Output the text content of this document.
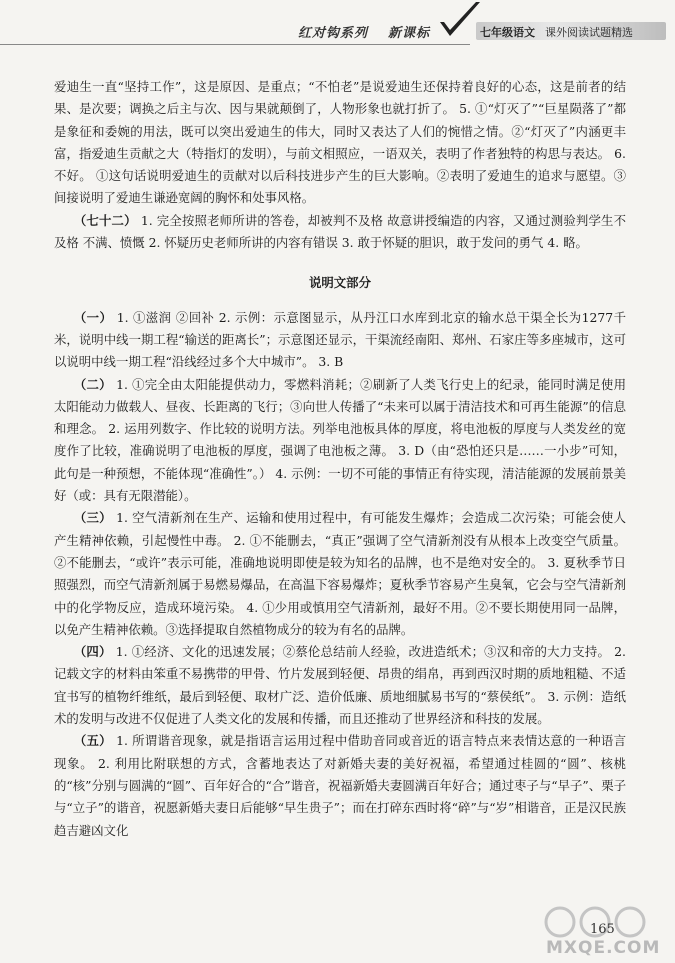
红对钩系列 新课标	七年级语文 课外阅读试题精选

爱迪生一直“坚持工作”，这是原因、是重点；“不怕老”是说爱迪生还保持着良好的心态，这是前者的结果、是次要；调换之后主与次、因与果就颠倒了，人物形象也就打折了。 5. ①“灯灭了”“巨星陨落了”都是象征和委婉的用法，既可以突出爱迪生的伟大，同时又表达了人们的惋惜之情。②“灯灭了”内涵更丰富，指爱迪生贡献之大（特指灯的发明），与前文相照应，一语双关，表明了作者独特的构思与表达。 6. 不好。 ①这句话说明爱迪生的贡献对以后科技进步产生的巨大影响。②表明了爱迪生的追求与愿望。③间接说明了爱迪生谦逊宽阔的胸怀和处事风格。

（七十二） 1. 完全按照老师所讲的答卷，却被判不及格 故意讲授编造的内容，又通过测验判学生不及格 不满、愤慨 2. 怀疑历史老师所讲的内容有错误 3. 敢于怀疑的胆识，敢于发问的勇气 4. 略。

说明文部分

（一） 1. ①滋润 ②回补 2. 示例：示意图显示，从丹江口水库到北京的输水总干渠全长为1277千米，说明中线一期工程“输送的距离长”；示意图还显示，干渠流经南阳、郑州、石家庄等多座城市，这可以说明中线一期工程“沿线经过多个大中城市”。 3. B

（二） 1. ①完全由太阳能提供动力，零燃料消耗；②刷新了人类飞行史上的纪录，能同时满足使用太阳能动力做载人、昼夜、长距离的飞行；③向世人传播了“未来可以属于清洁技术和可再生能源”的信息和理念。 2. 运用列数字、作比较的说明方法。列举电池板具体的厚度，将电池板的厚度与人类发丝的宽度作了比较，准确说明了电池板的厚度，强调了电池板之薄。 3. D（由“恐怕还只是……一小步”可知，此句是一种预想，不能体现“准确性”。） 4. 示例：一切不可能的事情正有待实现，清洁能源的发展前景美好（或：具有无限潜能）。

（三） 1. 空气清新剂在生产、运输和使用过程中，有可能发生爆炸；会造成二次污染；可能会使人产生精神依赖，引起慢性中毒。 2. ①不能删去，“真正”强调了空气清新剂没有从根本上改变空气质量。②不能删去，“或许”表示可能，准确地说明即使是较为知名的品牌，也不是绝对安全的。 3. 夏秋季节日照强烈，而空气清新剂属于易燃易爆品，在高温下容易爆炸；夏秋季节容易产生臭氧，它会与空气清新剂中的化学物反应，造成环境污染。 4. ①少用或慎用空气清新剂，最好不用。②不要长期使用同一品牌，以免产生精神依赖。③选择提取自然植物成分的较为有名的品牌。

（四） 1. ①经济、文化的迅速发展；②蔡伦总结前人经验，改进造纸术；③汉和帝的大力支持。 2. 记载文字的材料由笨重不易携带的甲骨、竹片发展到轻便、昂贵的绢帛，再到西汉时期的质地粗糙、不适宜书写的植物纤维纸，最后到轻便、取材广泛、造价低廉、质地细腻易书写的“蔡侯纸”。 3. 示例：造纸术的发明与改进不仅促进了人类文化的发展和传播，而且还推动了世界经济和科技的发展。

（五） 1. 所谓谐音现象，就是指语言运用过程中借助音同或音近的语言特点来表情达意的一种语言现象。 2. 利用比附联想的方式，含蓄地表达了对新婚夫妻的美好祝福，希望通过桂圆的“圆”、核桃的“核”分别与圆满的“圆”、百年好合的“合”谐音，祝福新婚夫妻圆满百年好合；通过枣子与“早子”、栗子与“立子”的谐音，祝愿新婚夫妻日后能够“早生贵子”；而在打碎东西时将“碎”与“岁”相谐音，正是汉民族趋吉避凶文化

165
MXQE.COM
